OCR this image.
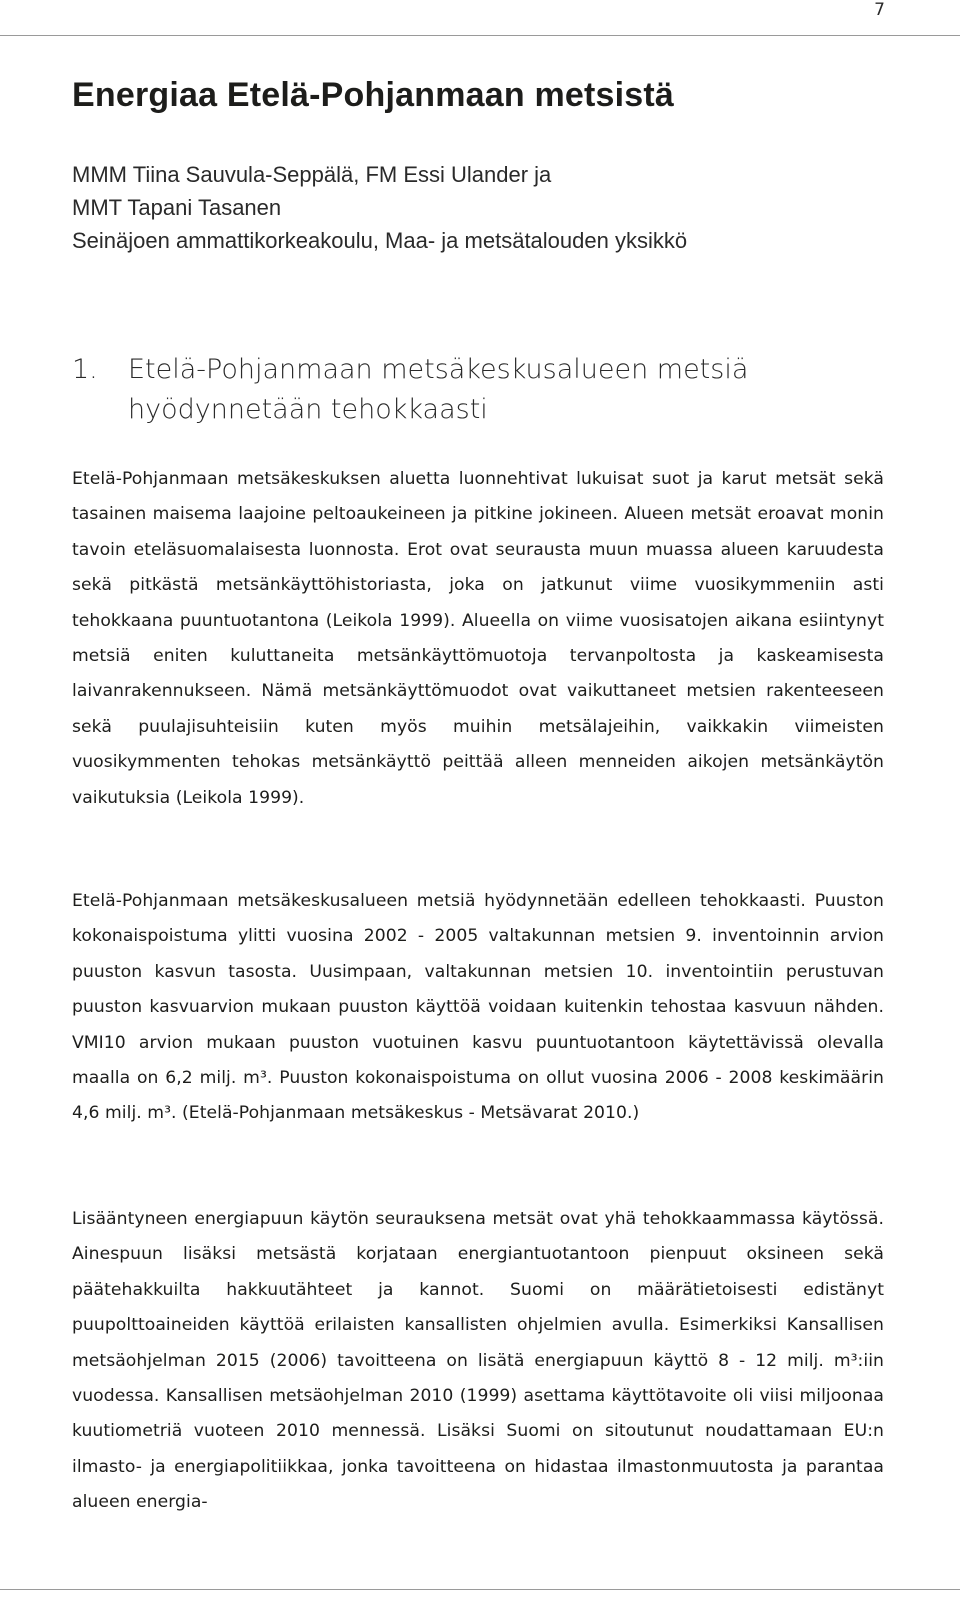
7
Energiaa Etelä-Pohjanmaan metsistä
MMM Tiina Sauvula-Seppälä, FM Essi Ulander ja
MMT Tapani Tasanen
Seinäjoen ammattikorkeakoulu, Maa- ja metsätalouden yksikkö
1.	Etelä-Pohjanmaan metsäkeskusalueen metsiä hyödynnetään tehokkaasti

Etelä-Pohjanmaan metsäkeskuksen aluetta luonnehtivat lukuisat suot ja karut metsät sekä tasainen maisema laajoine peltoaukeineen ja pitkine jokineen. Alueen metsät eroavat monin tavoin eteläsuomalaisesta luonnosta. Erot ovat seurausta muun muassa alueen karuudesta sekä pitkästä metsänkäyttöhistoriasta, joka on jatkunut viime vuosikymmeniin asti tehokkaana puuntuotantona (Leikola 1999). Alueella on viime vuosisatojen aikana esiintynyt metsiä eniten kuluttaneita metsänkäyttömuotoja tervanpoltosta ja kaskeamisesta laivanrakennukseen. Nämä metsänkäyttömuodot ovat vaikuttaneet metsien rakenteeseen sekä puulajisuhteisiin kuten myös muihin metsälajeihin, vaikkakin viimeisten vuosikymmenten tehokas metsänkäyttö peittää alleen menneiden aikojen metsänkäytön vaikutuksia (Leikola 1999).

Etelä-Pohjanmaan metsäkeskusalueen metsiä hyödynnetään edelleen tehokkaasti. Puuston kokonaispoistuma ylitti vuosina 2002 - 2005 valtakunnan metsien 9. inventoinnin arvion puuston kasvun tasosta. Uusimpaan, valtakunnan metsien 10. inventointiin perustuvan puuston kasvuarvion mukaan puuston käyttöä voidaan kuitenkin tehostaa kasvuun nähden. VMI10 arvion mukaan puuston vuotuinen kasvu puuntuotantoon käytettävissä olevalla maalla on 6,2 milj. m³. Puuston kokonaispoistuma on ollut vuosina 2006 - 2008 keskimäärin 4,6 milj. m³. (Etelä-Pohjanmaan metsäkeskus - Metsävarat 2010.)

Lisääntyneen energiapuun käytön seurauksena metsät ovat yhä tehokkaammassa käytössä. Ainespuun lisäksi metsästä korjataan energiantuotantoon pienpuut oksineen sekä päätehakkuilta hakkuutähteet ja kannot. Suomi on määrätietoisesti edistänyt puupolttoaineiden käyttöä erilaisten kansallisten ohjelmien avulla. Esimerkiksi Kansallisen metsäohjelman 2015 (2006) tavoitteena on lisätä energiapuun käyttö 8 - 12 milj. m³:iin vuodessa. Kansallisen metsäohjelman 2010 (1999) asettama käyttötavoite oli viisi miljoonaa kuutiometriä vuoteen 2010 mennessä. Lisäksi Suomi on sitoutunut noudattamaan EU:n ilmasto- ja energiapolitiikkaa, jonka tavoitteena on hidastaa ilmastonmuutosta ja parantaa alueen energia-
